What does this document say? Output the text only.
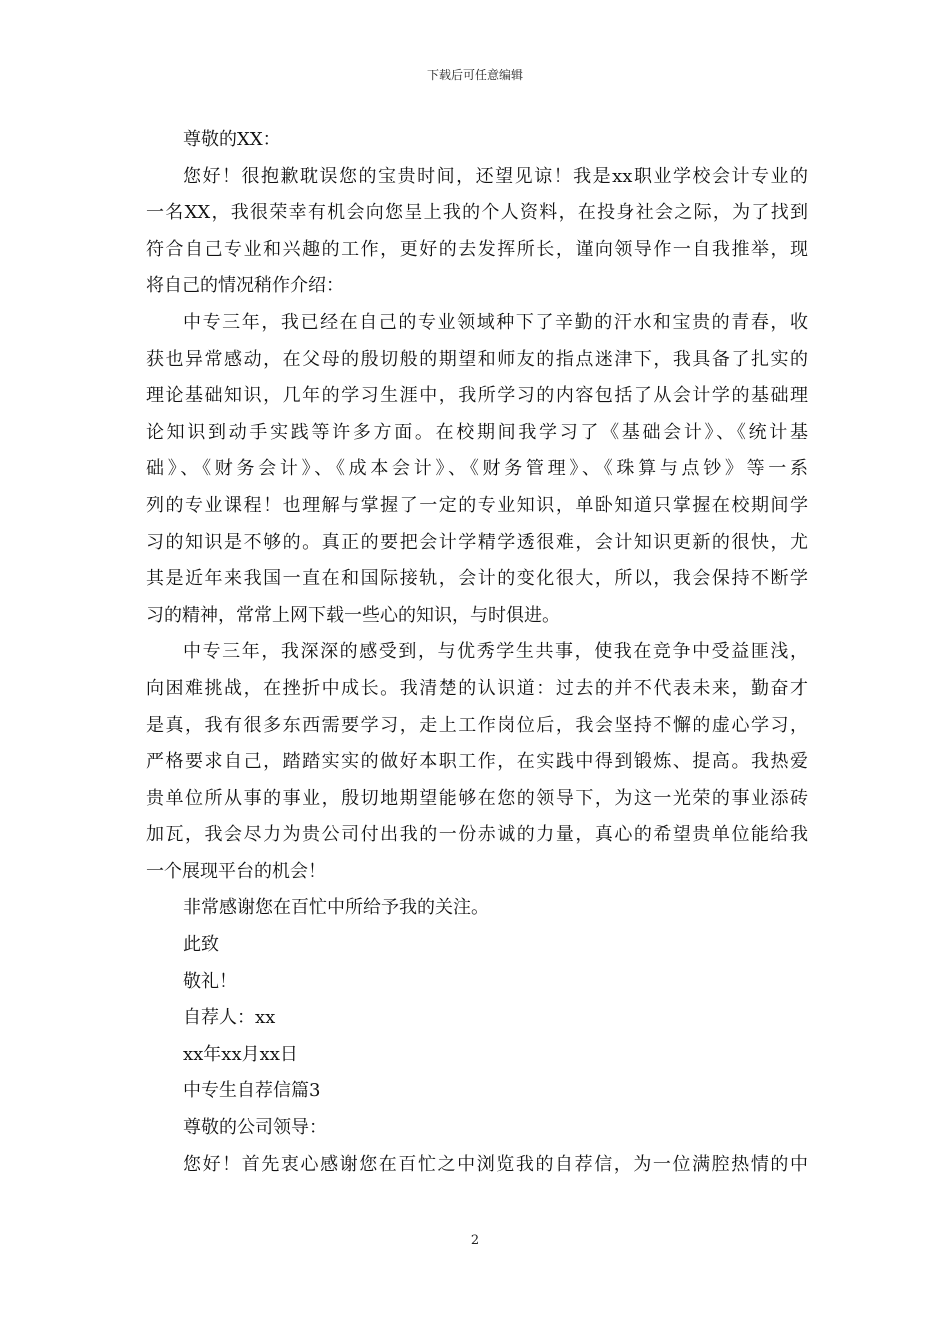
下载后可任意编辑
尊敬的XX：
您好！很抱歉耽误您的宝贵时间，还望见谅！我是xx职业学校会计专业的
一名XX，我很荣幸有机会向您呈上我的个人资料，在投身社会之际，为了找到
符合自己专业和兴趣的工作，更好的去发挥所长，谨向领导作一自我推举，现
将自己的情况稍作介绍：
中专三年，我已经在自己的专业领域种下了辛勤的汗水和宝贵的青春，收
获也异常感动，在父母的殷切般的期望和师友的指点迷津下，我具备了扎实的
理论基础知识，几年的学习生涯中，我所学习的内容包括了从会计学的基础理
论知识到动手实践等许多方面。在校期间我学习了《基础会计》、《统计基
础》、《财务会计》、《成本会计》、《财务管理》、《珠算与点钞》等一系
列的专业课程！也理解与掌握了一定的专业知识，单卧知道只掌握在校期间学
习的知识是不够的。真正的要把会计学精学透很难，会计知识更新的很快，尤
其是近年来我国一直在和国际接轨，会计的变化很大，所以，我会保持不断学
习的精神，常常上网下载一些心的知识，与时俱进。
中专三年，我深深的感受到，与优秀学生共事，使我在竞争中受益匪浅，
向困难挑战，在挫折中成长。我清楚的认识道：过去的并不代表未来，勤奋才
是真，我有很多东西需要学习，走上工作岗位后，我会坚持不懈的虚心学习，
严格要求自己，踏踏实实的做好本职工作，在实践中得到锻炼、提高。我热爱
贵单位所从事的事业，殷切地期望能够在您的领导下，为这一光荣的事业添砖
加瓦，我会尽力为贵公司付出我的一份赤诚的力量，真心的希望贵单位能给我
一个展现平台的机会！
非常感谢您在百忙中所给予我的关注。
此致
敬礼！
自荐人：xx
xx年xx月xx日
中专生自荐信篇3
尊敬的公司领导：
您好！首先衷心感谢您在百忙之中浏览我的自荐信，为一位满腔热情的中
2
